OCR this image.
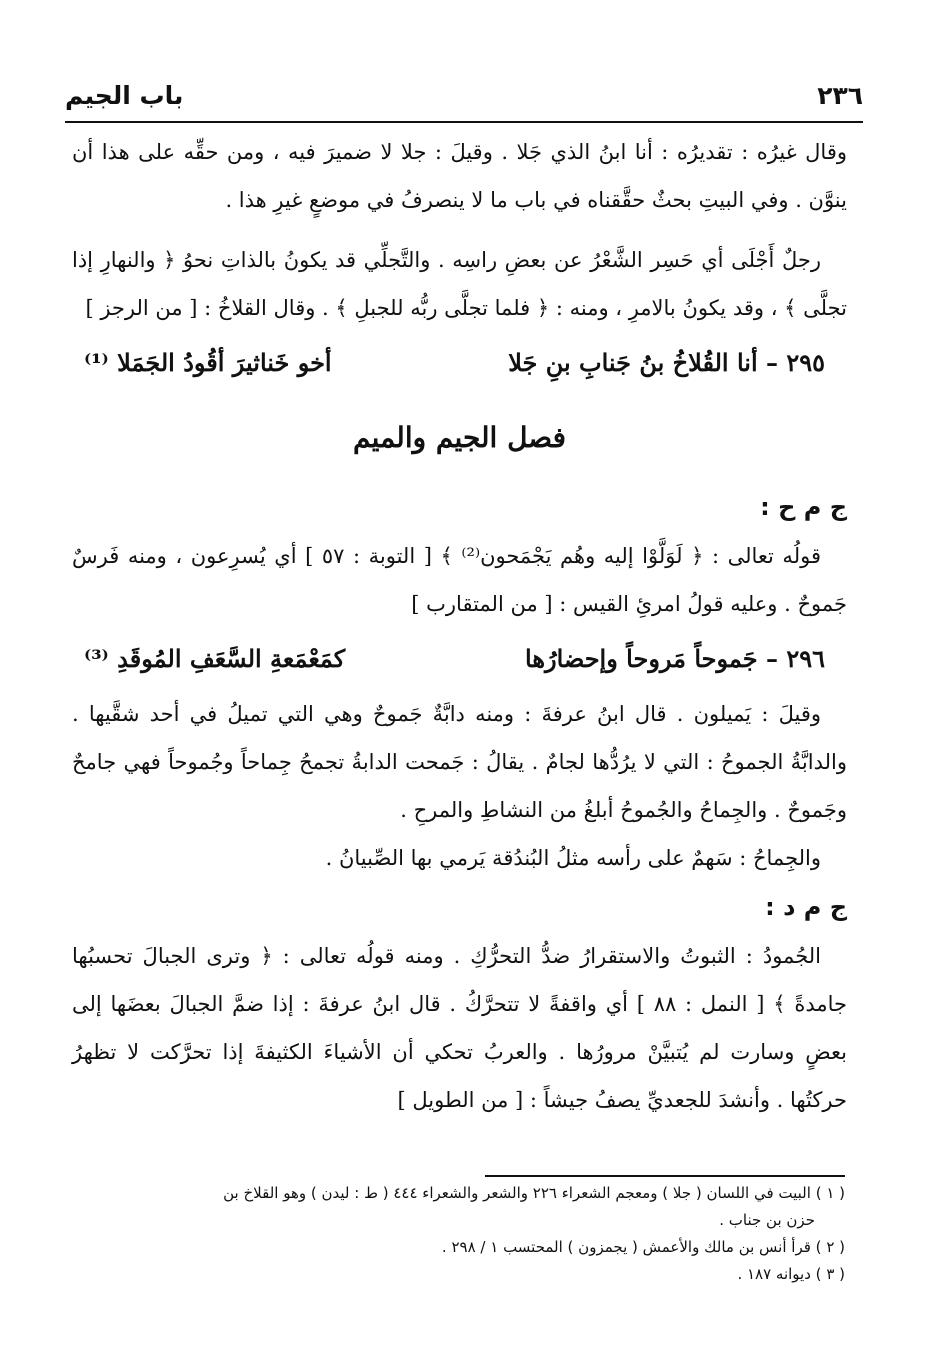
٢٣٦
باب الجيم

وقال غيرُه : تقديرُه : أنا ابنُ الذي جَلا . وقيلَ : جلا لا ضميرَ فيه ، ومن حقِّه على هذا أن ينوَّن . وفي البيتِ بحثٌ حقَّقناه في باب ما لا ينصرفُ في موضعٍ غيرِ هذا .

رجلٌ أَجْلَى أي حَسِر الشَّعْرُ عن بعضِ راسِه . والتَّجلِّي قد يكونُ بالذاتِ نحوُ ﴿ والنهارِ إذا تجلَّى ﴾ ، وقد يكونُ بالامرِ ، ومنه : ﴿ فلما تجلَّى ربُّه للجبلِ ﴾ . وقال القلاخُ : [ من الرجز ]

٢٩٥ – أنا القُلاخُ بنُ جَنابِ بنِ جَلا
أخو خَناثيرَ أقُودُ الجَمَلا ⁽¹⁾
فصل الجيم والميم
ج م ح :

قولُه تعالى : ﴿ لَوَلَّوْا إليه وهُم يَجْمَحون⁽²⁾ ﴾ [ التوبة : ٥٧ ] أي يُسرِعون ، ومنه فَرسٌ جَموحٌ . وعليه قولُ امرئِ القيس : [ من المتقارب ]

٢٩٦ – جَموحاً مَروحاً وإحضارُها
كمَعْمَعةِ السَّعَفِ المُوقَدِ ⁽³⁾

وقيلَ : يَميلون . قال ابنُ عرفةَ : ومنه دابَّةٌ جَموحٌ وهي التي تميلُ في أحد شقَّيها . والدابَّةُ الجموحُ : التي لا يرُدُّها لجامٌ . يقالُ : جَمحت الدابةُ تجمحُ جِماحاً وجُموحاً فهي جامحٌ وجَموحٌ . والجِماحُ والجُموحُ أبلغُ من النشاطِ والمرحِ .

والجِماحُ : سَهمٌ على رأسه مثلُ البُندُقة يَرمي بها الصِّبيانُ .

ج م د :

الجُمودُ : الثبوتُ والاستقرارُ ضدُّ التحرُّكِ . ومنه قولُه تعالى : ﴿ وترى الجبالَ تحسبُها جامدةً ﴾ [ النمل : ٨٨ ] أي واقفةً لا تتحرَّكُ . قال ابنُ عرفةَ : إذا ضمَّ الجبالَ بعضَها إلى بعضٍ وسارت لم يُتبيَّنْ مرورُها . والعربُ تحكي أن الأشياءَ الكثيفةَ إذا تحرَّكت لا تظهرُ حركتُها . وأنشدَ للجعديِّ يصفُ جيشاً : [ من الطويل ]

( ١ ) البيت في اللسان ( جلا ) ومعجم الشعراء ٢٢٦ والشعر والشعراء ٤٤٤ ( ط : ليدن ) وهو القلاخ بن

حزن بن جناب .

( ٢ ) قرأ أنس بن مالك والأعمش ( يجمزون ) المحتسب ١ / ٢٩٨ .

( ٣ ) ديوانه ١٨٧ .
